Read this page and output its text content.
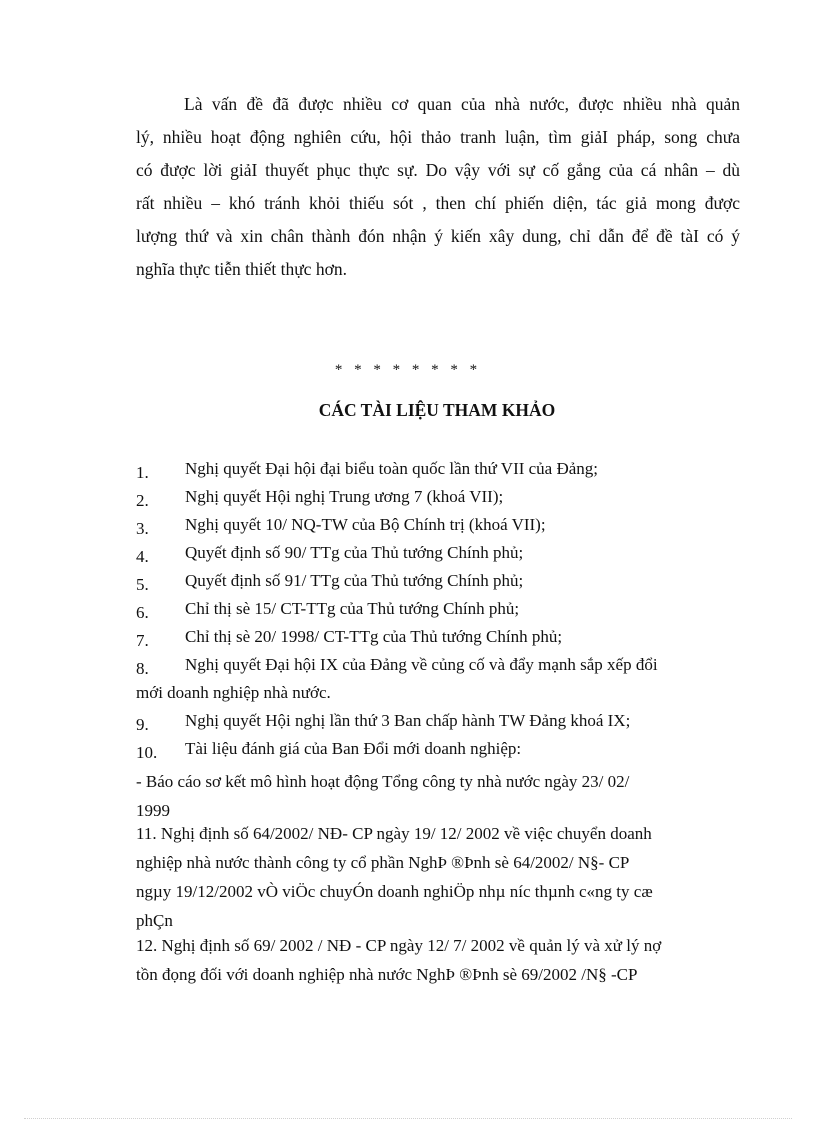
Là vấn đề đã được nhiều cơ quan của nhà nước, được nhiều nhà quản
lý, nhiều hoạt động nghiên cứu, hội thảo tranh luận, tìm giảI pháp, song chưa
có được lời giảI thuyết phục thực sự. Do vậy với sự cố gắng của cá nhân – dù
rất nhiều – khó tránh khỏi thiếu sót , then chí phiến diện, tác giả mong được
lượng thứ và xin chân thành đón nhận ý kiến xây dung, chỉ dẫn để đề tàI có ý
nghĩa thực tiễn thiết thực hơn.
* * * * * * * *
CÁC TÀI LIỆU THAM KHẢO
1. Nghị quyết Đại hội đại biểu toàn quốc lần thứ VII của Đảng;
2. Nghị quyết Hội nghị Trung ương 7 (khoá VII);
3. Nghị quyết 10/ NQ-TW của Bộ Chính trị (khoá VII);
4. Quyết định số 90/ TTg của Thủ tướng Chính phủ;
5. Quyết định số 91/ TTg của Thủ tướng Chính phủ;
6. Chỉ thị sè 15/ CT-TTg của Thủ tướng Chính phủ;
7. Chỉ thị sè 20/ 1998/ CT-TTg của Thủ tướng Chính phủ;
8. Nghị quyết Đại hội IX của Đảng về củng cố và đẩy mạnh sắp xếp đổi
mới doanh nghiệp nhà nước.
9. Nghị quyết Hội nghị lần thứ 3 Ban chấp hành TW Đảng khoá IX;
10. Tài liệu đánh giá của Ban Đổi mới doanh nghiệp:
- Báo cáo sơ kết mô hình hoạt động Tổng công ty nhà nước ngày 23/ 02/
1999
11. Nghị định số 64/2002/ NĐ- CP ngày 19/ 12/ 2002 về việc chuyển doanh
nghiệp nhà nước thành công ty cổ phần NghÞ ®Þnh sè 64/2002/ N§- CP
ngµy 19/12/2002 vÒ viÖc chuyÓn doanh nghiÖp nhµ níc thµnh c«ng ty cæ
phÇn
12. Nghị định số 69/ 2002 / NĐ - CP ngày 12/ 7/ 2002 về quản lý và xử lý nợ
tồn đọng đối với doanh nghiệp nhà nước NghÞ ®Þnh sè 69/2002 /N§ -CP
